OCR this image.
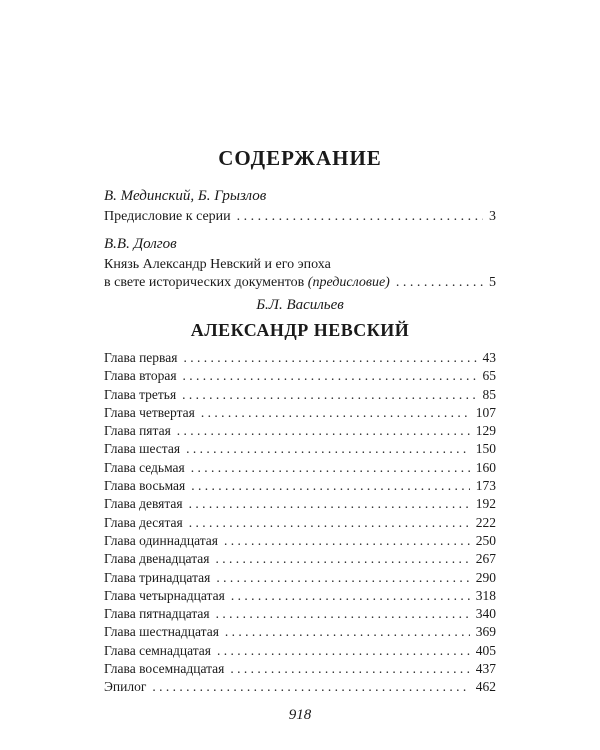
СОДЕРЖАНИЕ
В. Мединский, Б. Грызлов
Предисловие к серии . . .	3
В.В. Долгов
Князь Александр Невский и его эпоха
в свете исторических документов (предисловие) . . .	5
Б.Л. Васильев
АЛЕКСАНДР НЕВСКИЙ
Глава первая . . .	43
Глава вторая . . .	65
Глава третья . . .	85
Глава четвертая . . .	107
Глава пятая . . .	129
Глава шестая . . .	150
Глава седьмая . . .	160
Глава восьмая . . .	173
Глава девятая . . .	192
Глава десятая . . .	222
Глава одиннадцатая . . .	250
Глава двенадцатая . . .	267
Глава тринадцатая . . .	290
Глава четырнадцатая . . .	318
Глава пятнадцатая . . .	340
Глава шестнадцатая . . .	369
Глава семнадцатая . . .	405
Глава восемнадцатая . . .	437
Эпилог . . .	462
918
